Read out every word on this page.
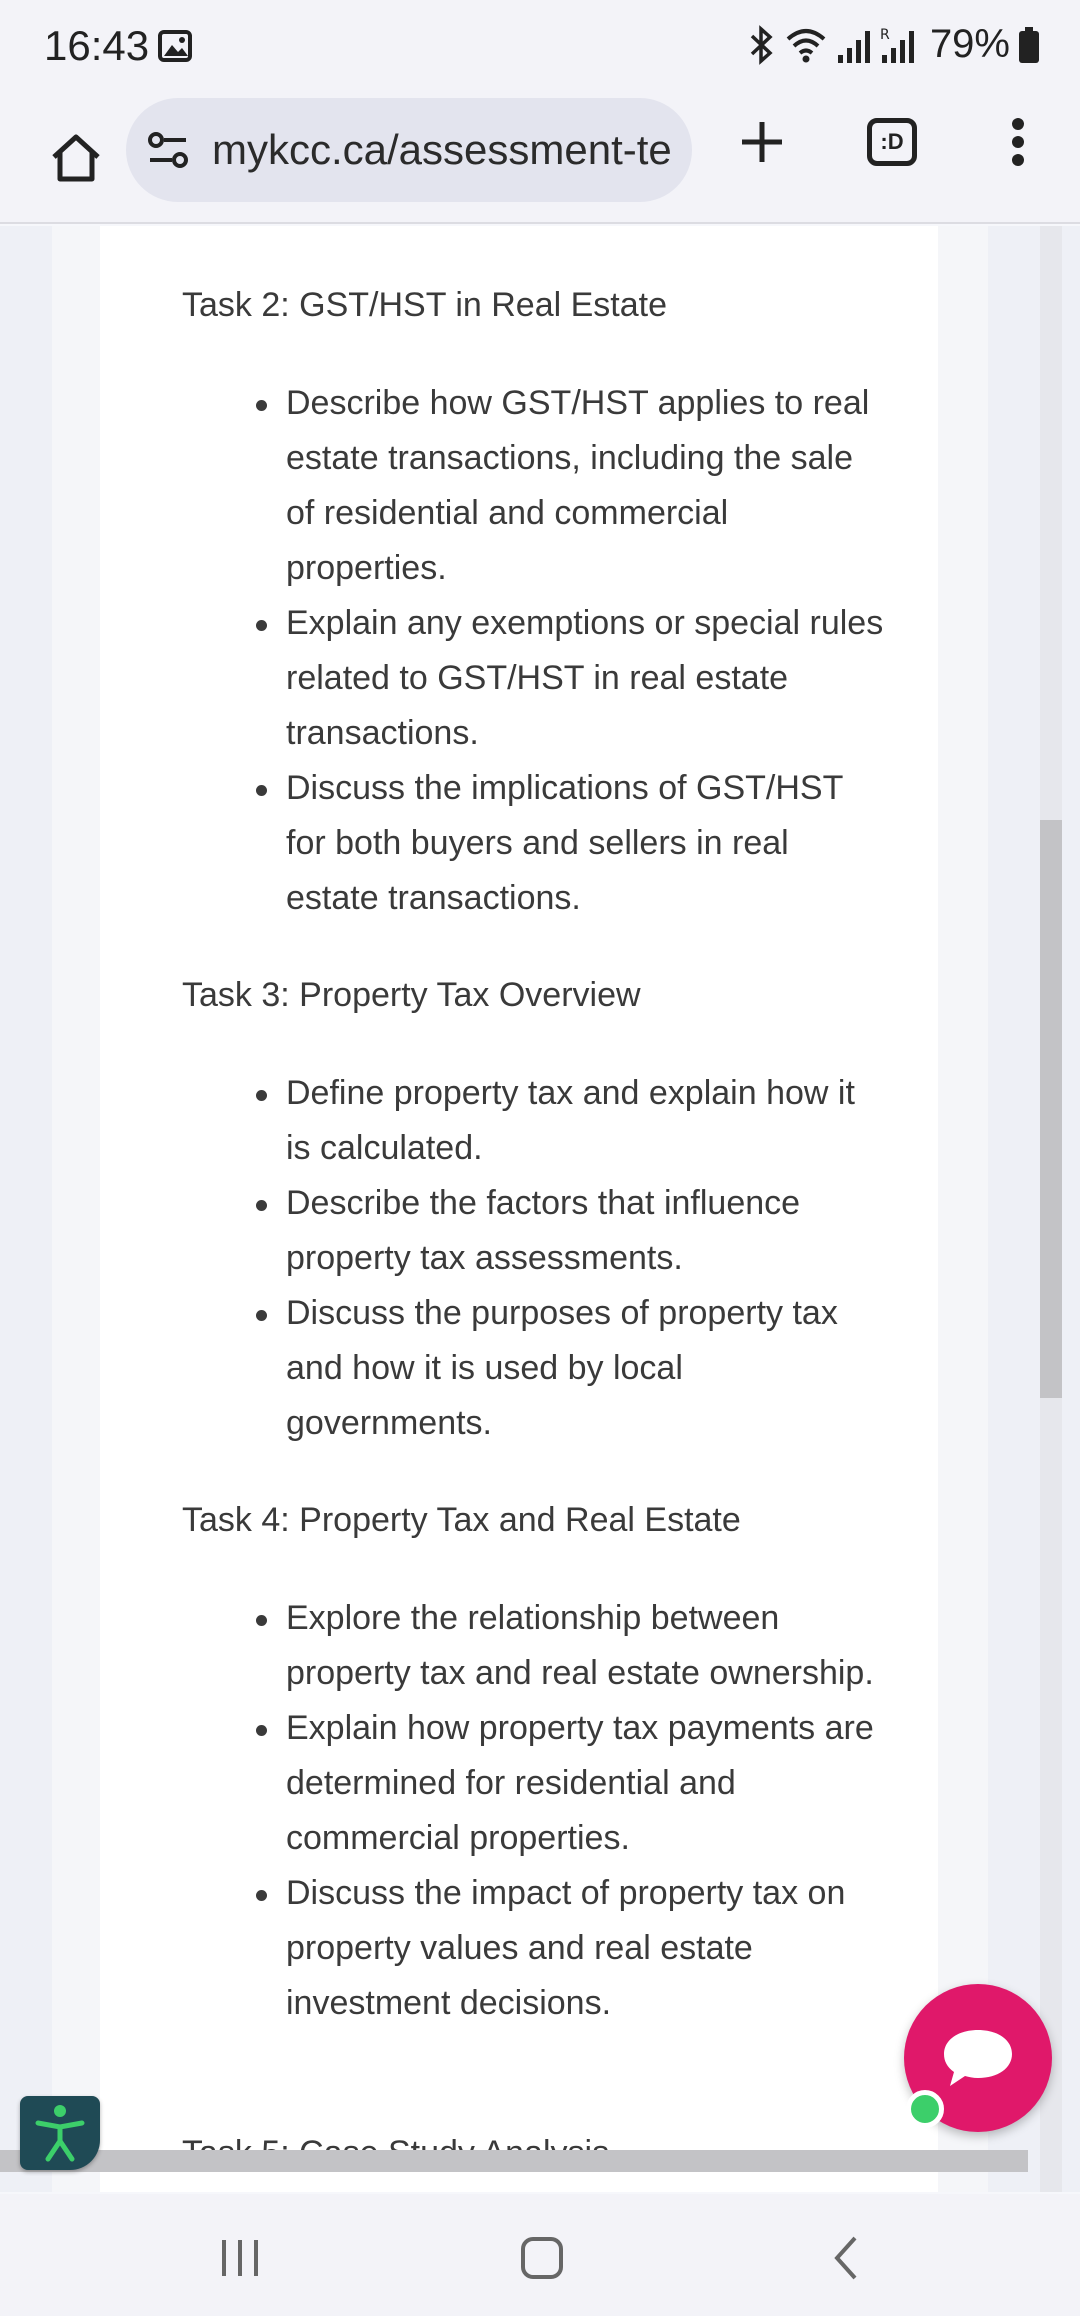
16:43	R 79%
mykcc.ca/assessment-te	:D
Task 2: GST/HST in Real Estate
Describe how GST/HST applies to real estate transactions, including the sale of residential and commercial properties.
Explain any exemptions or special rules related to GST/HST in real estate transactions.
Discuss the implications of GST/HST for both buyers and sellers in real estate transactions.
Task 3: Property Tax Overview
Define property tax and explain how it is calculated.
Describe the factors that influence property tax assessments.
Discuss the purposes of property tax and how it is used by local governments.
Task 4: Property Tax and Real Estate
Explore the relationship between property tax and real estate ownership.
Explain how property tax payments are determined for residential and commercial properties.
Discuss the impact of property tax on property values and real estate investment decisions.
